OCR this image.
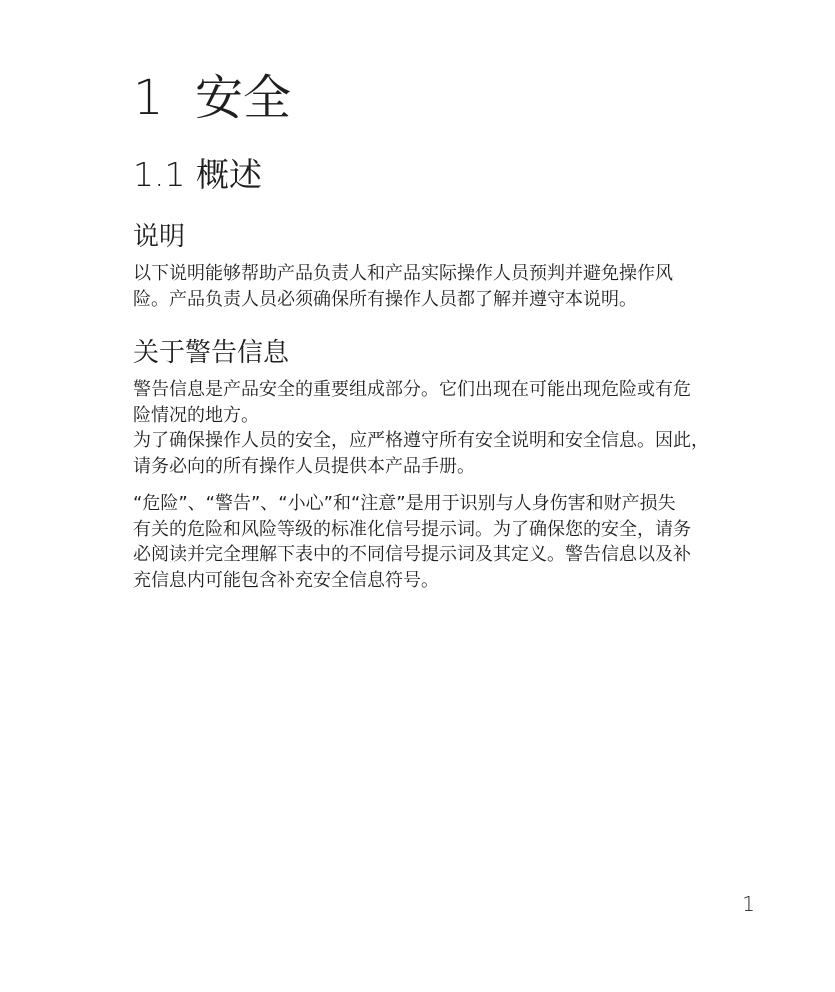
1 安全
1.1 概述
说明

以下说明能够帮助产品负责人和产品实际操作人员预判并避免操作风
险。产品负责人员必须确保所有操作人员都了解并遵守本说明。

关于警告信息

警告信息是产品安全的重要组成部分。它们出现在可能出现危险或有危
险情况的地方。
为了确保操作人员的安全，应严格遵守所有安全说明和安全信息。因此，
请务必向的所有操作人员提供本产品手册。

“危险”、“警告”、“小心”和“注意”是用于识别与人身伤害和财产损失
有关的危险和风险等级的标准化信号提示词。为了确保您的安全，请务
必阅读并完全理解下表中的不同信号提示词及其定义。警告信息以及补
充信息内可能包含补充安全信息符号。

1
